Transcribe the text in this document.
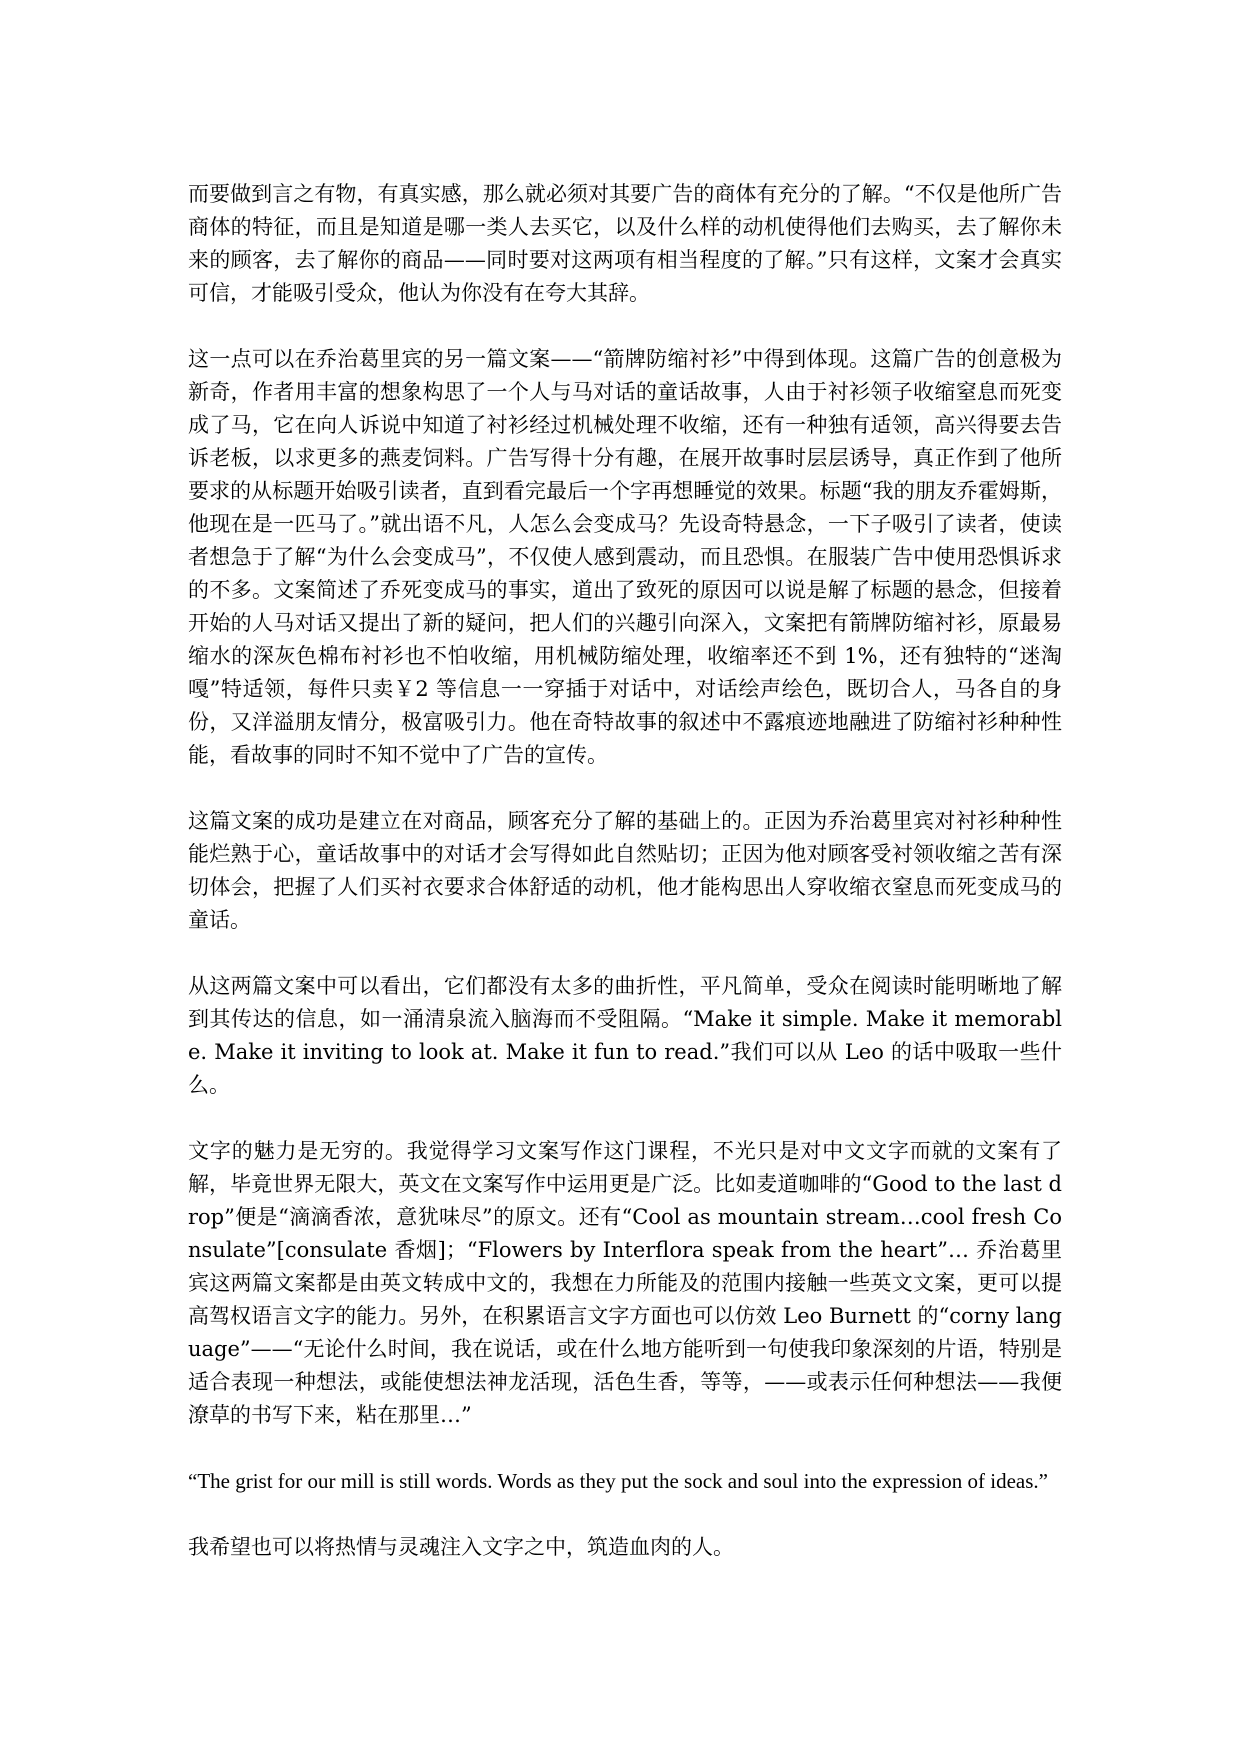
而要做到言之有物，有真实感，那么就必须对其要广告的商体有充分的了解。“不仅是他所广告商体的特征，而且是知道是哪一类人去买它，以及什么样的动机使得他们去购买，去了解你未来的顾客，去了解你的商品——同时要对这两项有相当程度的了解。”只有这样，文案才会真实可信，才能吸引受众，他认为你没有在夸大其辞。

这一点可以在乔治葛里宾的另一篇文案——“箭牌防缩衬衫”中得到体现。这篇广告的创意极为新奇，作者用丰富的想象构思了一个人与马对话的童话故事，人由于衬衫领子收缩窒息而死变成了马，它在向人诉说中知道了衬衫经过机械处理不收缩，还有一种独有适领，高兴得要去告诉老板，以求更多的燕麦饲料。广告写得十分有趣，在展开故事时层层诱导，真正作到了他所要求的从标题开始吸引读者，直到看完最后一个字再想睡觉的效果。标题“我的朋友乔霍姆斯，他现在是一匹马了。”就出语不凡，人怎么会变成马？先设奇特悬念，一下子吸引了读者，使读者想急于了解“为什么会变成马”，不仅使人感到震动，而且恐惧。在服装广告中使用恐惧诉求的不多。文案简述了乔死变成马的事实，道出了致死的原因可以说是解了标题的悬念，但接着开始的人马对话又提出了新的疑问，把人们的兴趣引向深入，文案把有箭牌防缩衬衫，原最易缩水的深灰色棉布衬衫也不怕收缩，用机械防缩处理，收缩率还不到 1%，还有独特的“迷淘嘎”特适领，每件只卖￥2 等信息一一穿插于对话中，对话绘声绘色，既切合人，马各自的身份，又洋溢朋友情分，极富吸引力。他在奇特故事的叙述中不露痕迹地融进了防缩衬衫种种性能，看故事的同时不知不觉中了广告的宣传。

这篇文案的成功是建立在对商品，顾客充分了解的基础上的。正因为乔治葛里宾对衬衫种种性能烂熟于心，童话故事中的对话才会写得如此自然贴切；正因为他对顾客受衬领收缩之苦有深切体会，把握了人们买衬衣要求合体舒适的动机，他才能构思出人穿收缩衣窒息而死变成马的童话。

从这两篇文案中可以看出，它们都没有太多的曲折性，平凡简单，受众在阅读时能明晰地了解到其传达的信息，如一涌清泉流入脑海而不受阻隔。“Make it simple. Make it memorable. Make it inviting to look at. Make it fun to read.”我们可以从 Leo 的话中吸取一些什么。

文字的魅力是无穷的。我觉得学习文案写作这门课程，不光只是对中文文字而就的文案有了解，毕竟世界无限大，英文在文案写作中运用更是广泛。比如麦道咖啡的“Good to the last drop”便是“滴滴香浓，意犹味尽”的原文。还有“Cool as mountain stream…cool fresh Consulate”[consulate 香烟]；“Flowers by Interflora speak from the heart”… 乔治葛里宾这两篇文案都是由英文转成中文的，我想在力所能及的范围内接触一些英文文案，更可以提高驾权语言文字的能力。另外，在积累语言文字方面也可以仿效 Leo Burnett 的“corny language”——“无论什么时间，我在说话，或在什么地方能听到一句使我印象深刻的片语，特别是适合表现一种想法，或能使想法神龙活现，活色生香，等等，——或表示任何种想法——我便潦草的书写下来，粘在那里…”

“The grist for our mill is still words. Words as they put the sock and soul into the expression of ideas.”

我希望也可以将热情与灵魂注入文字之中，筑造血肉的人。
